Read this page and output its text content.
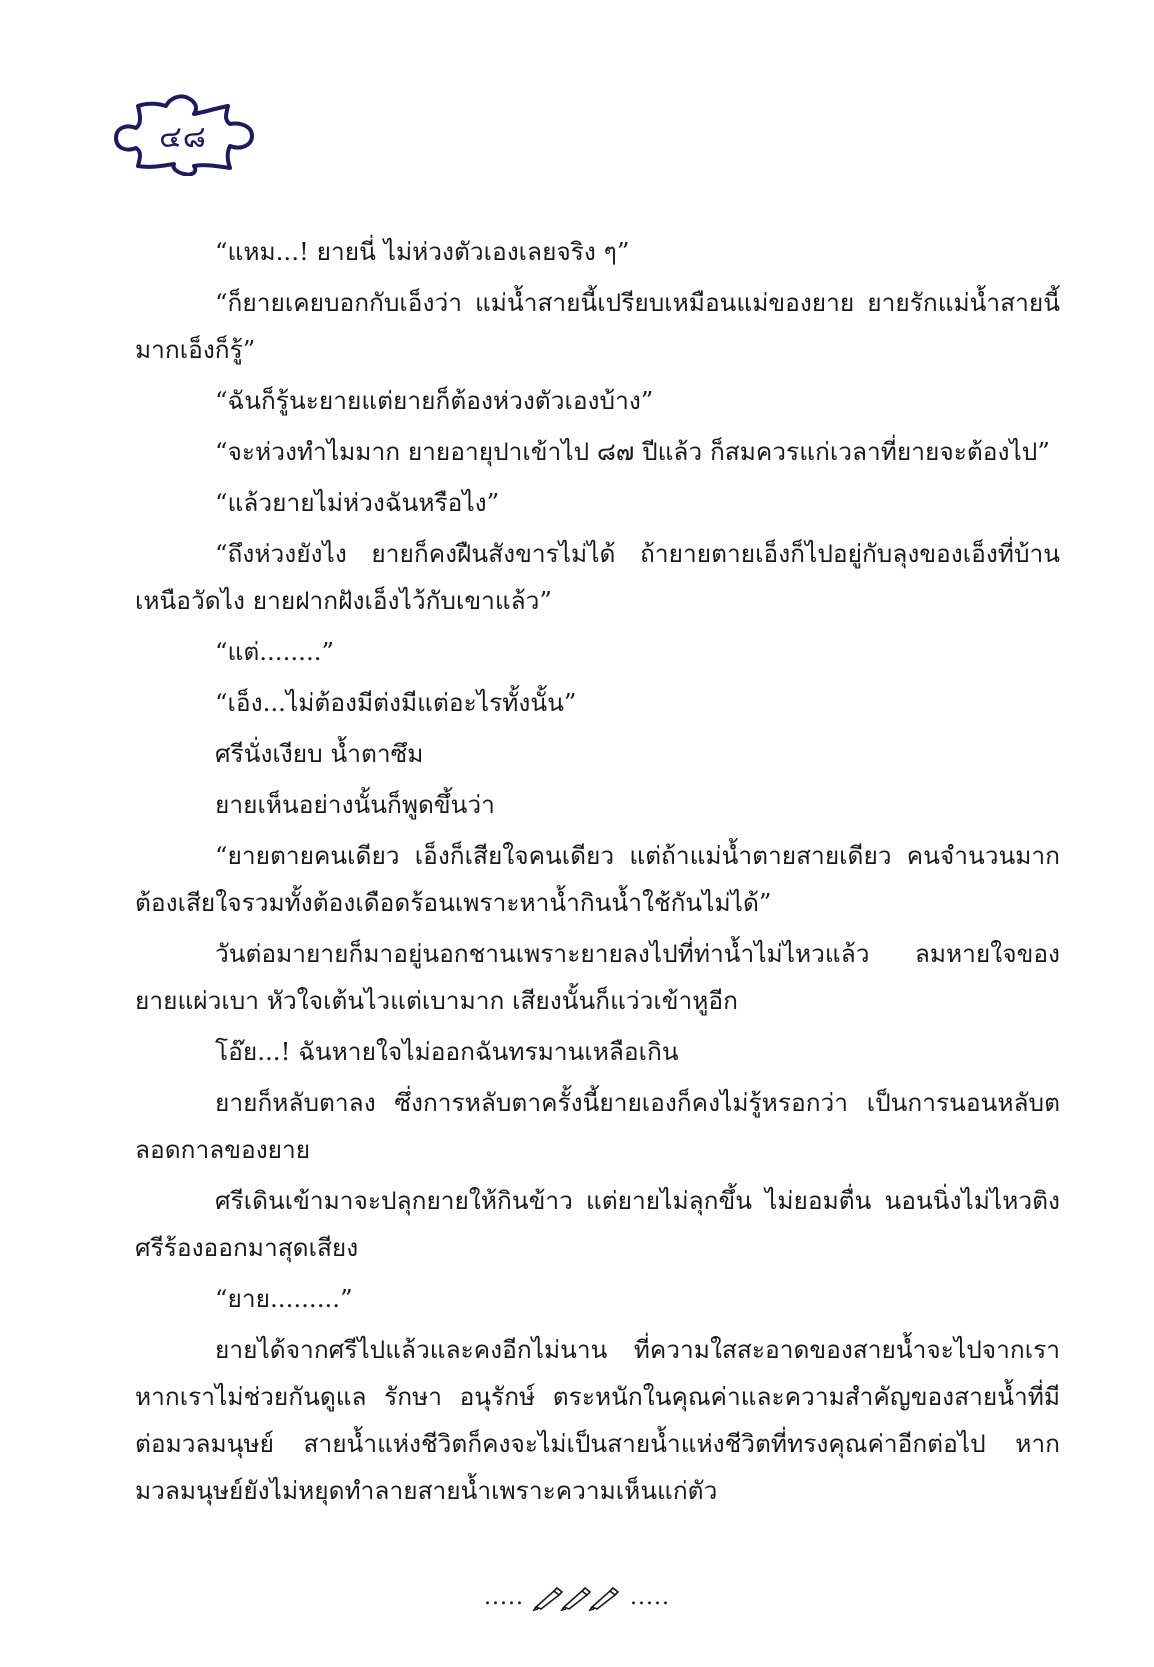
๔๘

“แหม...! ยายนี่ ไม่ห่วงตัวเองเลยจริง ๆ”

“ก็ยายเคยบอกกับเอ็งว่า แม่น้ำสายนี้เปรียบเหมือนแม่ของยาย ยายรักแม่น้ำสายนี้มากเอ็งก็รู้”

“ฉันก็รู้นะยายแต่ยายก็ต้องห่วงตัวเองบ้าง”

“จะห่วงทำไมมาก ยายอายุปาเข้าไป ๘๗ ปีแล้ว ก็สมควรแก่เวลาที่ยายจะต้องไป”

“แล้วยายไม่ห่วงฉันหรือไง”

“ถึงห่วงยังไง ยายก็คงฝืนสังขารไม่ได้ ถ้ายายตายเอ็งก็ไปอยู่กับลุงของเอ็งที่บ้านเหนือวัดไง ยายฝากฝังเอ็งไว้กับเขาแล้ว”

“แต่........”

“เอ็ง...ไม่ต้องมีต่งมีแต่อะไรทั้งนั้น”

ศรีนั่งเงียบ น้ำตาซึม

ยายเห็นอย่างนั้นก็พูดขึ้นว่า

“ยายตายคนเดียว เอ็งก็เสียใจคนเดียว แต่ถ้าแม่น้ำตายสายเดียว คนจำนวนมากต้องเสียใจรวมทั้งต้องเดือดร้อนเพราะหาน้ำกินน้ำใช้กันไม่ได้”

วันต่อมายายก็มาอยู่นอกชานเพราะยายลงไปที่ท่าน้ำไม่ไหวแล้ว ลมหายใจของยายแผ่วเบา หัวใจเต้นไวแต่เบามาก เสียงนั้นก็แว่วเข้าหูอีก

โอ๊ย...! ฉันหายใจไม่ออกฉันทรมานเหลือเกิน

ยายก็หลับตาลง ซึ่งการหลับตาครั้งนี้ยายเองก็คงไม่รู้หรอกว่า เป็นการนอนหลับตลอดกาลของยาย

ศรีเดินเข้ามาจะปลุกยายให้กินข้าว แต่ยายไม่ลุกขึ้น ไม่ยอมตื่น นอนนิ่งไม่ไหวติงศรีร้องออกมาสุดเสียง

“ยาย.........”

ยายได้จากศรีไปแล้วและคงอีกไม่นาน ที่ความใสสะอาดของสายน้ำจะไปจากเราหากเราไม่ช่วยกันดูแล รักษา อนุรักษ์ ตระหนักในคุณค่าและความสำคัญของสายน้ำที่มีต่อมวลมนุษย์ สายน้ำแห่งชีวิตก็คงจะไม่เป็นสายน้ำแห่งชีวิตที่ทรงคุณค่าอีกต่อไป หากมวลมนุษย์ยังไม่หยุดทำลายสายน้ำเพราะความเห็นแก่ตัว

.....	.....
